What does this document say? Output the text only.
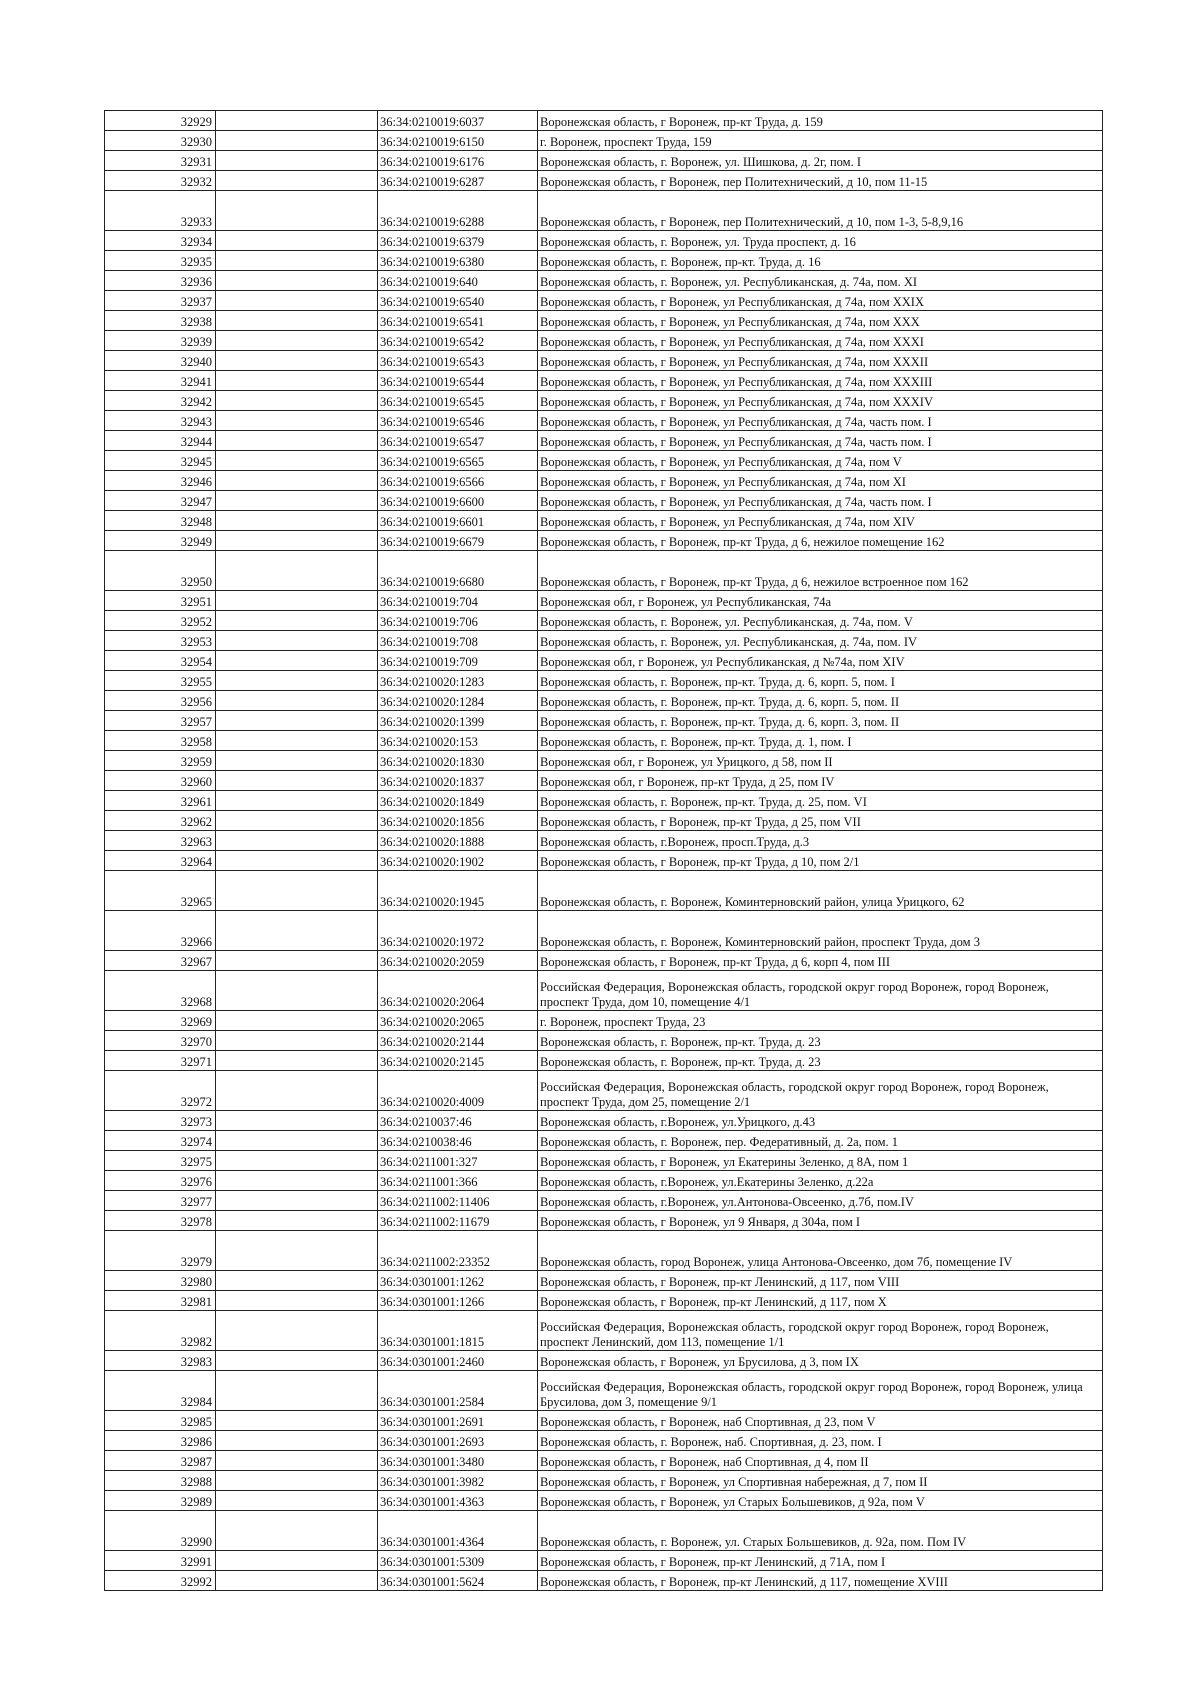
32929		36:34:0210019:6037	Воронежская область, г Воронеж, пр-кт Труда, д. 159
32930		36:34:0210019:6150	г. Воронеж, проспект Труда, 159
32931		36:34:0210019:6176	Воронежская область, г. Воронеж, ул. Шишкова, д. 2г, пом. I
32932		36:34:0210019:6287	Воронежская область, г Воронеж, пер Политехнический, д 10, пом 11-15
32933		36:34:0210019:6288	Воронежская область, г Воронеж, пер Политехнический, д 10, пом 1-3, 5-8,9,16
32934		36:34:0210019:6379	Воронежская область, г. Воронеж, ул. Труда проспект, д. 16
32935		36:34:0210019:6380	Воронежская область, г. Воронеж, пр-кт. Труда, д. 16
32936		36:34:0210019:640	Воронежская область, г. Воронеж, ул. Республиканская, д. 74а, пом. XI
32937		36:34:0210019:6540	Воронежская область, г Воронеж, ул Республиканская, д 74а, пом XXIX
32938		36:34:0210019:6541	Воронежская область, г Воронеж, ул Республиканская, д 74а, пом XXX
32939		36:34:0210019:6542	Воронежская область, г Воронеж, ул Республиканская, д 74а, пом XXXI
32940		36:34:0210019:6543	Воронежская область, г Воронеж, ул Республиканская, д 74а, пом XXXII
32941		36:34:0210019:6544	Воронежская область, г Воронеж, ул Республиканская, д 74а, пом XXXIII
32942		36:34:0210019:6545	Воронежская область, г Воронеж, ул Республиканская, д 74а, пом XXXIV
32943		36:34:0210019:6546	Воронежская область, г Воронеж, ул Республиканская, д 74а, часть пом. I
32944		36:34:0210019:6547	Воронежская область, г Воронеж, ул Республиканская, д 74а, часть пом. I
32945		36:34:0210019:6565	Воронежская область, г Воронеж, ул Республиканская, д 74а, пом V
32946		36:34:0210019:6566	Воронежская область, г Воронеж, ул Республиканская, д 74а, пом XI
32947		36:34:0210019:6600	Воронежская область, г Воронеж, ул Республиканская, д 74а, часть пом. I
32948		36:34:0210019:6601	Воронежская область, г Воронеж, ул Республиканская, д 74а, пом XIV
32949		36:34:0210019:6679	Воронежская область, г Воронеж, пр-кт Труда, д 6, нежилое помещение 162
32950		36:34:0210019:6680	Воронежская область, г Воронеж, пр-кт Труда, д 6, нежилое встроенное пом 162
32951		36:34:0210019:704	Воронежская обл, г Воронеж, ул Республиканская, 74а
32952		36:34:0210019:706	Воронежская область, г. Воронеж, ул. Республиканская, д. 74а, пом. V
32953		36:34:0210019:708	Воронежская область, г. Воронеж, ул. Республиканская, д. 74а, пом. IV
32954		36:34:0210019:709	Воронежская обл, г Воронеж, ул Республиканская, д №74а, пом XIV
32955		36:34:0210020:1283	Воронежская область, г. Воронеж, пр-кт. Труда, д. 6, корп. 5, пом. I
32956		36:34:0210020:1284	Воронежская область, г. Воронеж, пр-кт. Труда, д. 6, корп. 5, пом. II
32957		36:34:0210020:1399	Воронежская область, г. Воронеж, пр-кт. Труда, д. 6, корп. 3, пом. II
32958		36:34:0210020:153	Воронежская область, г. Воронеж, пр-кт. Труда, д. 1, пом. I
32959		36:34:0210020:1830	Воронежская обл, г Воронеж, ул Урицкого, д 58, пом II
32960		36:34:0210020:1837	Воронежская обл, г Воронеж, пр-кт Труда, д 25, пом IV
32961		36:34:0210020:1849	Воронежская область, г. Воронеж, пр-кт. Труда, д. 25, пом. VI
32962		36:34:0210020:1856	Воронежская область, г Воронеж, пр-кт Труда, д 25, пом VII
32963		36:34:0210020:1888	Воронежская область, г.Воронеж, просп.Труда, д.3
32964		36:34:0210020:1902	Воронежская область, г Воронеж, пр-кт Труда, д 10, пом 2/1
32965		36:34:0210020:1945	Воронежская область, г. Воронеж, Коминтерновский район, улица Урицкого, 62
32966		36:34:0210020:1972	Воронежская область, г. Воронеж, Коминтерновский район, проспект Труда, дом 3
32967		36:34:0210020:2059	Воронежская область, г Воронеж, пр-кт Труда, д 6, корп 4, пом III
32968		36:34:0210020:2064	Российская Федерация, Воронежская область, городской округ город Воронеж, город Воронеж, проспект Труда, дом 10, помещение 4/1
32969		36:34:0210020:2065	г. Воронеж, проспект Труда, 23
32970		36:34:0210020:2144	Воронежская область, г. Воронеж, пр-кт. Труда, д. 23
32971		36:34:0210020:2145	Воронежская область, г. Воронеж, пр-кт. Труда, д. 23
32972		36:34:0210020:4009	Российская Федерация, Воронежская область, городской округ город Воронеж, город Воронеж, проспект Труда, дом 25, помещение 2/1
32973		36:34:0210037:46	Воронежская область, г.Воронеж, ул.Урицкого, д.43
32974		36:34:0210038:46	Воронежская область, г. Воронеж, пер. Федеративный, д. 2а, пом. 1
32975		36:34:0211001:327	Воронежская область, г Воронеж, ул Екатерины Зеленко, д 8А, пом 1
32976		36:34:0211001:366	Воронежская область, г.Воронеж, ул.Екатерины Зеленко, д.22а
32977		36:34:0211002:11406	Воронежская область, г.Воронеж, ул.Антонова-Овсеенко, д.7б, пом.IV
32978		36:34:0211002:11679	Воронежская область, г Воронеж, ул 9 Января, д 304а, пом I
32979		36:34:0211002:23352	Воронежская область, город Воронеж, улица Антонова-Овсеенко, дом 7б, помещение IV
32980		36:34:0301001:1262	Воронежская область, г Воронеж, пр-кт Ленинский, д 117, пом VIII
32981		36:34:0301001:1266	Воронежская область, г Воронеж, пр-кт Ленинский, д 117, пом X
32982		36:34:0301001:1815	Российская Федерация, Воронежская область, городской округ город Воронеж, город Воронеж, проспект Ленинский, дом 113, помещение 1/1
32983		36:34:0301001:2460	Воронежская область, г Воронеж, ул Брусилова, д 3, пом IX
32984		36:34:0301001:2584	Российская Федерация, Воронежская область, городской округ город Воронеж, город Воронеж, улица Брусилова, дом 3, помещение 9/1
32985		36:34:0301001:2691	Воронежская область, г Воронеж, наб Спортивная, д 23, пом V
32986		36:34:0301001:2693	Воронежская область, г. Воронеж, наб. Спортивная, д. 23, пом. I
32987		36:34:0301001:3480	Воронежская область, г Воронеж, наб Спортивная, д 4, пом II
32988		36:34:0301001:3982	Воронежская область, г Воронеж, ул Спортивная набережная, д 7, пом II
32989		36:34:0301001:4363	Воронежская область, г Воронеж, ул Старых Большевиков, д 92а, пом V
32990		36:34:0301001:4364	Воронежская область, г. Воронеж, ул. Старых Большевиков, д. 92а, пом. Пом IV
32991		36:34:0301001:5309	Воронежская область, г Воронеж, пр-кт Ленинский, д 71А, пом I
32992		36:34:0301001:5624	Воронежская область, г Воронеж, пр-кт Ленинский, д 117, помещение XVIII
